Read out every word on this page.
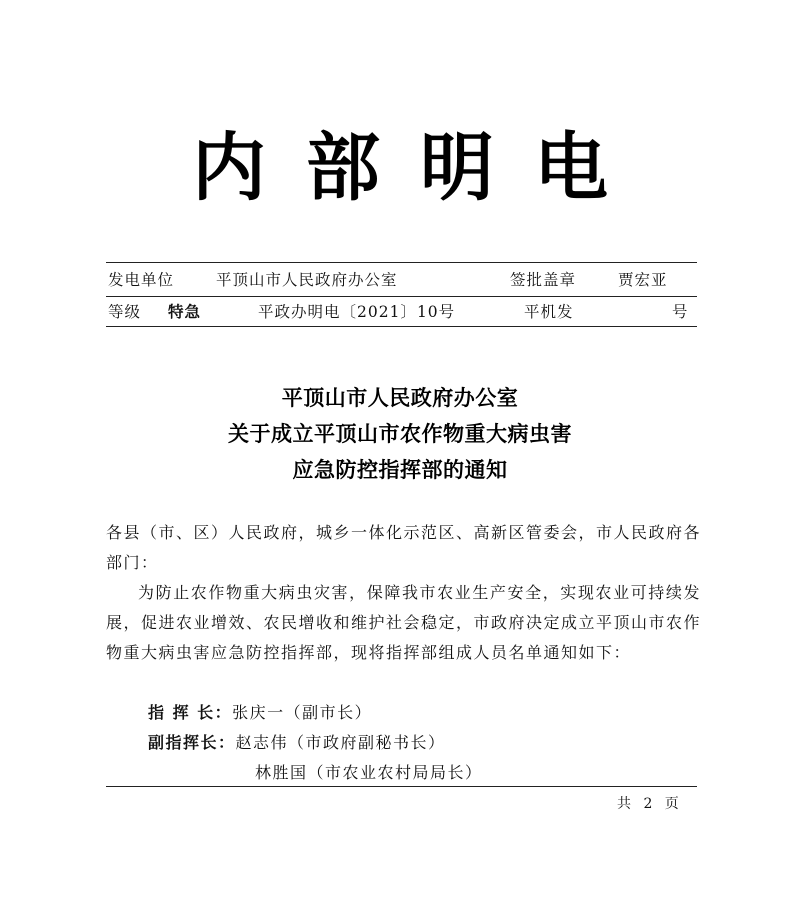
内部明电
发电单位	平顶山市人民政府办公室	签批盖章	贾宏亚
等级 特急	平政办明电〔2021〕10号	平机发	号
平顶山市人民政府办公室
关于成立平顶山市农作物重大病虫害
应急防控指挥部的通知
各县（市、区）人民政府，城乡一体化示范区、高新区管委会，市人民政府各部门：
为防止农作物重大病虫灾害，保障我市农业生产安全，实现农业可持续发展，促进农业增效、农民增收和维护社会稳定，市政府决定成立平顶山市农作物重大病虫害应急防控指挥部，现将指挥部组成人员名单通知如下：
指 挥 长：张庆一（副市长）
副指挥长：赵志伟（市政府副秘书长）
林胜国（市农业农村局局长）
共 2 页
